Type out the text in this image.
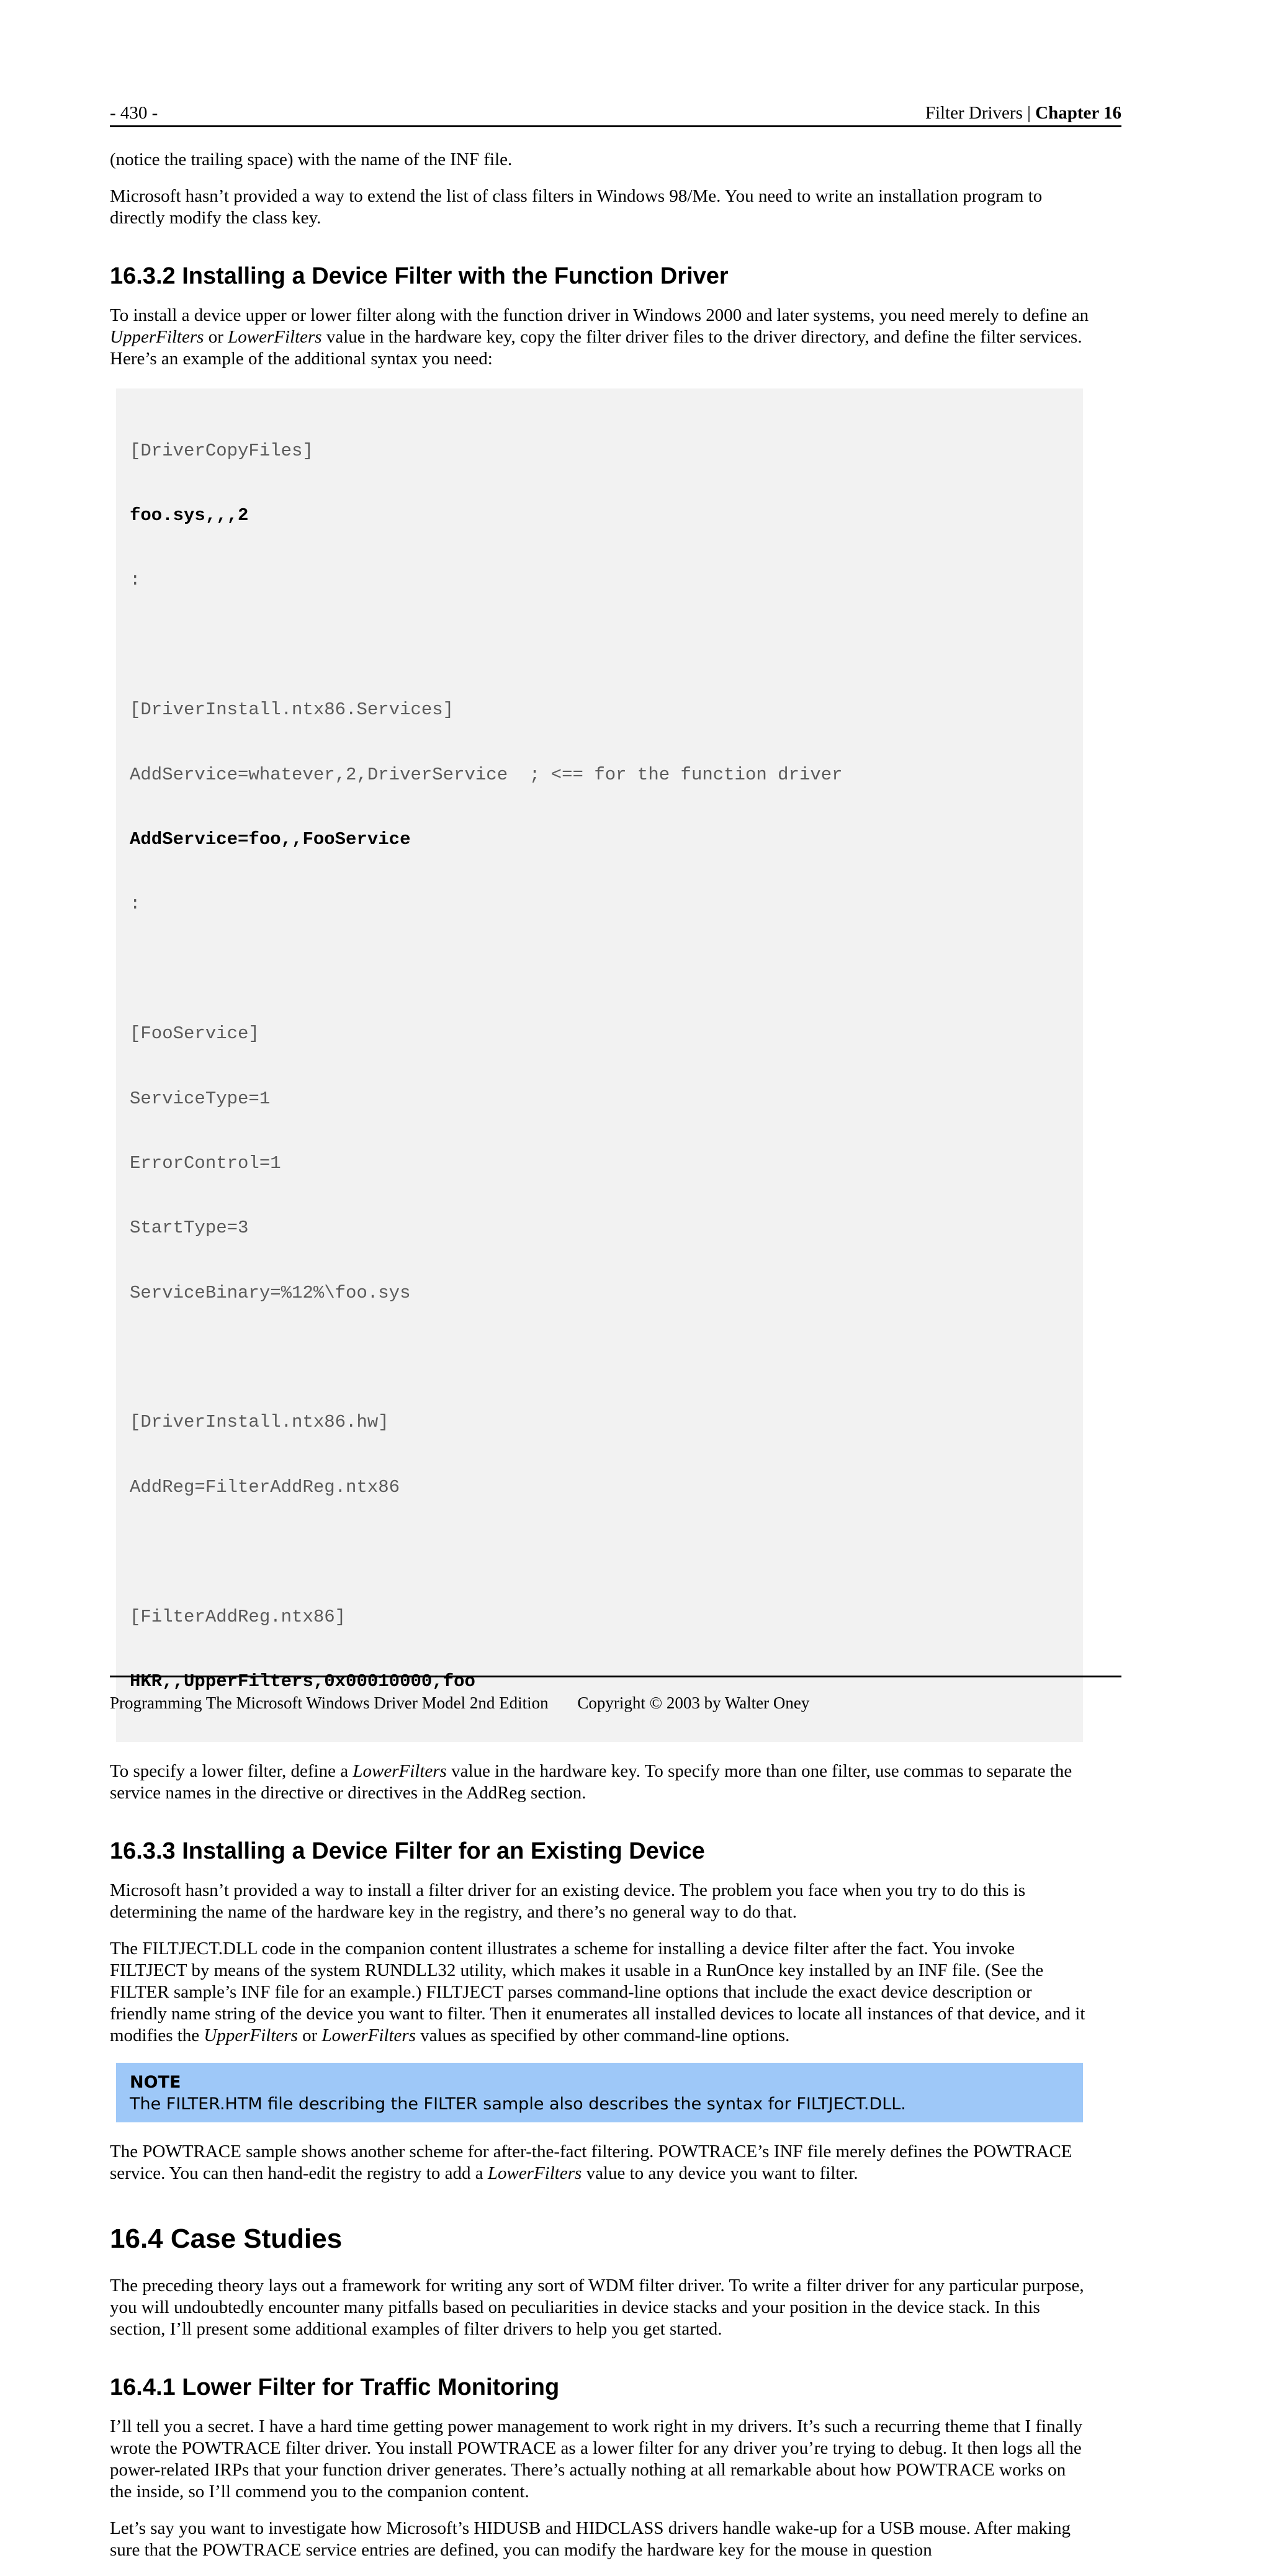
- 430 -	Filter Drivers | Chapter 16

(notice the trailing space) with the name of the INF file.

Microsoft hasn’t provided a way to extend the list of class filters in Windows 98/Me. You need to write an installation program to directly modify the class key.

16.3.2 Installing a Device Filter with the Function Driver

To install a device upper or lower filter along with the function driver in Windows 2000 and later systems, you need merely to define an UpperFilters or LowerFilters value in the hardware key, copy the filter driver files to the driver directory, and define the filter services. Here’s an example of the additional syntax you need:

[DriverCopyFiles]

foo.sys,,,2

:

[DriverInstall.ntx86.Services]

AddService=whatever,2,DriverService  ; <== for the function driver

AddService=foo,,FooService

:

[FooService]

ServiceType=1

ErrorControl=1

StartType=3

ServiceBinary=%12%\foo.sys

[DriverInstall.ntx86.hw]

AddReg=FilterAddReg.ntx86

[FilterAddReg.ntx86]

HKR,,UpperFilters,0x00010000,foo

To specify a lower filter, define a LowerFilters value in the hardware key. To specify more than one filter, use commas to separate the service names in the directive or directives in the AddReg section.

16.3.3 Installing a Device Filter for an Existing Device

Microsoft hasn’t provided a way to install a filter driver for an existing device. The problem you face when you try to do this is determining the name of the hardware key in the registry, and there’s no general way to do that.

The FILTJECT.DLL code in the companion content illustrates a scheme for installing a device filter after the fact. You invoke FILTJECT by means of the system RUNDLL32 utility, which makes it usable in a RunOnce key installed by an INF file. (See the FILTER sample’s INF file for an example.) FILTJECT parses command-line options that include the exact device description or friendly name string of the device you want to filter. Then it enumerates all installed devices to locate all instances of that device, and it modifies the UpperFilters or LowerFilters values as specified by other command-line options.

NOTE
The FILTER.HTM file describing the FILTER sample also describes the syntax for FILTJECT.DLL.

The POWTRACE sample shows another scheme for after-the-fact filtering. POWTRACE’s INF file merely defines the POWTRACE service. You can then hand-edit the registry to add a LowerFilters value to any device you want to filter.

16.4 Case Studies

The preceding theory lays out a framework for writing any sort of WDM filter driver. To write a filter driver for any particular purpose, you will undoubtedly encounter many pitfalls based on peculiarities in device stacks and your position in the device stack. In this section, I’ll present some additional examples of filter drivers to help you get started.

16.4.1 Lower Filter for Traffic Monitoring

I’ll tell you a secret. I have a hard time getting power management to work right in my drivers. It’s such a recurring theme that I finally wrote the POWTRACE filter driver. You install POWTRACE as a lower filter for any driver you’re trying to debug. It then logs all the power-related IRPs that your function driver generates. There’s actually nothing at all remarkable about how POWTRACE works on the inside, so I’ll commend you to the companion content.

Let’s say you want to investigate how Microsoft’s HIDUSB and HIDCLASS drivers handle wake-up for a USB mouse. After making sure that the POWTRACE service entries are defined, you can modify the hardware key for the mouse in question

Programming The Microsoft Windows Driver Model 2nd Edition Copyright © 2003 by Walter Oney
